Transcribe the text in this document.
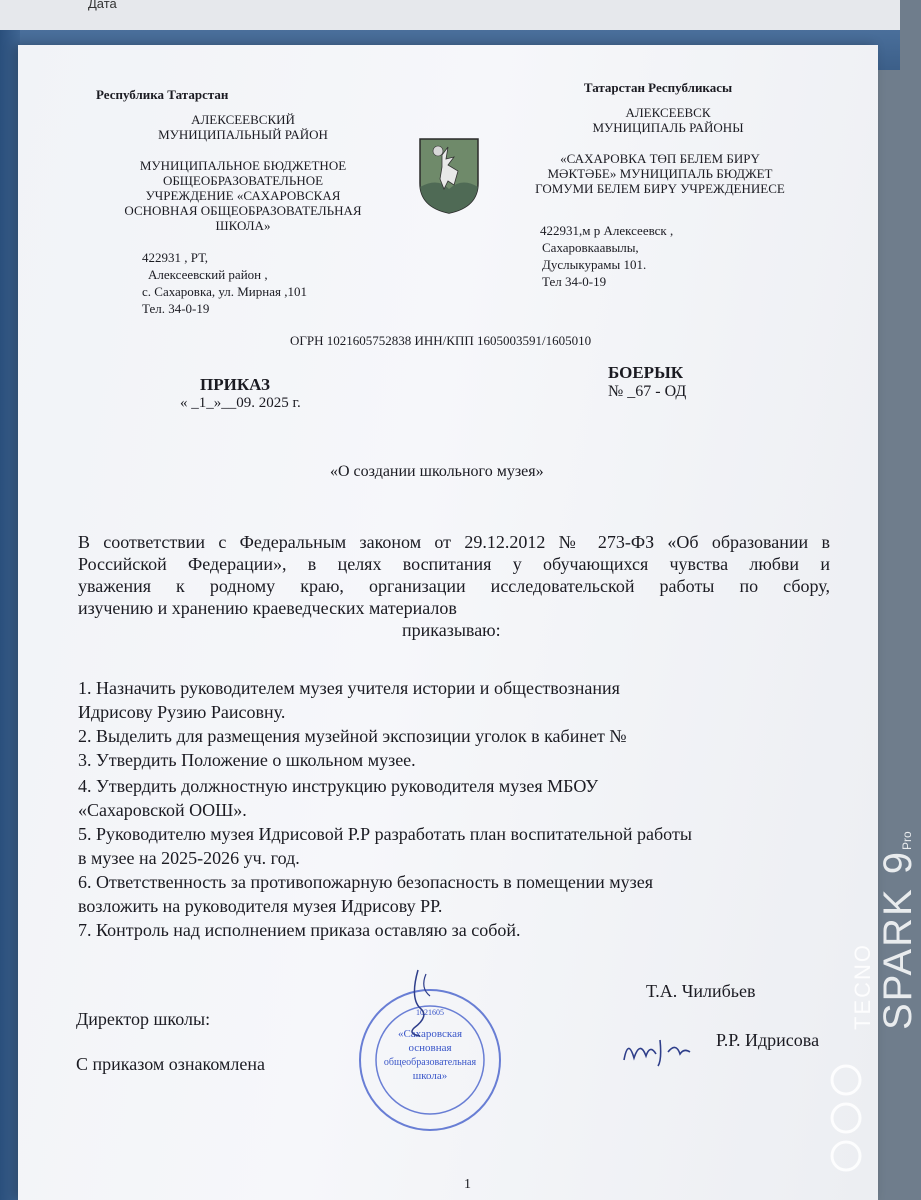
Дата
Республика Татарстан
АЛЕКСЕЕВСКИЙ
МУНИЦИПАЛЬНЫЙ РАЙОН
МУНИЦИПАЛЬНОЕ БЮДЖЕТНОЕ
ОБЩЕОБРАЗОВАТЕЛЬНОЕ
УЧРЕЖДЕНИЕ «САХАРОВСКАЯ
ОСНОВНАЯ ОБЩЕОБРАЗОВАТЕЛЬНАЯ
ШКОЛА»
422931 , РТ,
Алексеевский район ,
с. Сахаровка, ул. Мирная ,101
Тел. 34-0-19
Татарстан Республикасы
АЛЕКСЕЕВСК
МУНИЦИПАЛЬ РАЙОНЫ
«САХАРОВКА ТӨП БЕЛЕМ БИРҮ
МӘКТӘБЕ» МУНИЦИПАЛЬ БЮДЖЕТ
ГОМУМИ БЕЛЕМ БИРҮ УЧРЕЖДЕНИЕСЕ
422931,м р Алексеевск ,
Сахаровкаавылы,
Дуслыкурамы 101.
Тел 34-0-19
ОГРН 1021605752838 ИНН/КПП 1605003591/1605010
ПРИКАЗ
« _1_»__09. 2025 г.
БОЕРЫК
№ _67 - ОД
«О создании школьного музея»
В соответствии с Федеральным законом от 29.12.2012 № 273-ФЗ «Об образовании в
Российской Федерации», в целях воспитания у обучающихся чувства любви и
уважения к родному краю, организации исследовательской работы по сбору,
изучению и хранению краеведческих материалов
приказываю:
1. Назначить руководителем музея учителя истории и обществознания
Идрисову Рузию Раисовну.
2. Выделить для размещения музейной экспозиции уголок в кабинет №
3. Утвердить Положение о школьном музее.
4. Утвердить должностную инструкцию руководителя музея МБОУ
«Сахаровской ООШ».
5. Руководителю музея Идрисовой Р.Р разработать план воспитательной работы
в музее на 2025-2026 уч. год.
6. Ответственность за противопожарную безопасность в помещении музея
возложить на руководителя музея Идрисову РР.
7. Контроль над исполнением приказа оставляю за собой.
Директор школы:
Т.А. Чилибьев
С приказом ознакомлена
Р.Р. Идрисова
1
«Сахаровская
основная
общеобразовательная
школа»
1021605	TECNO
SPARK 9Pro
